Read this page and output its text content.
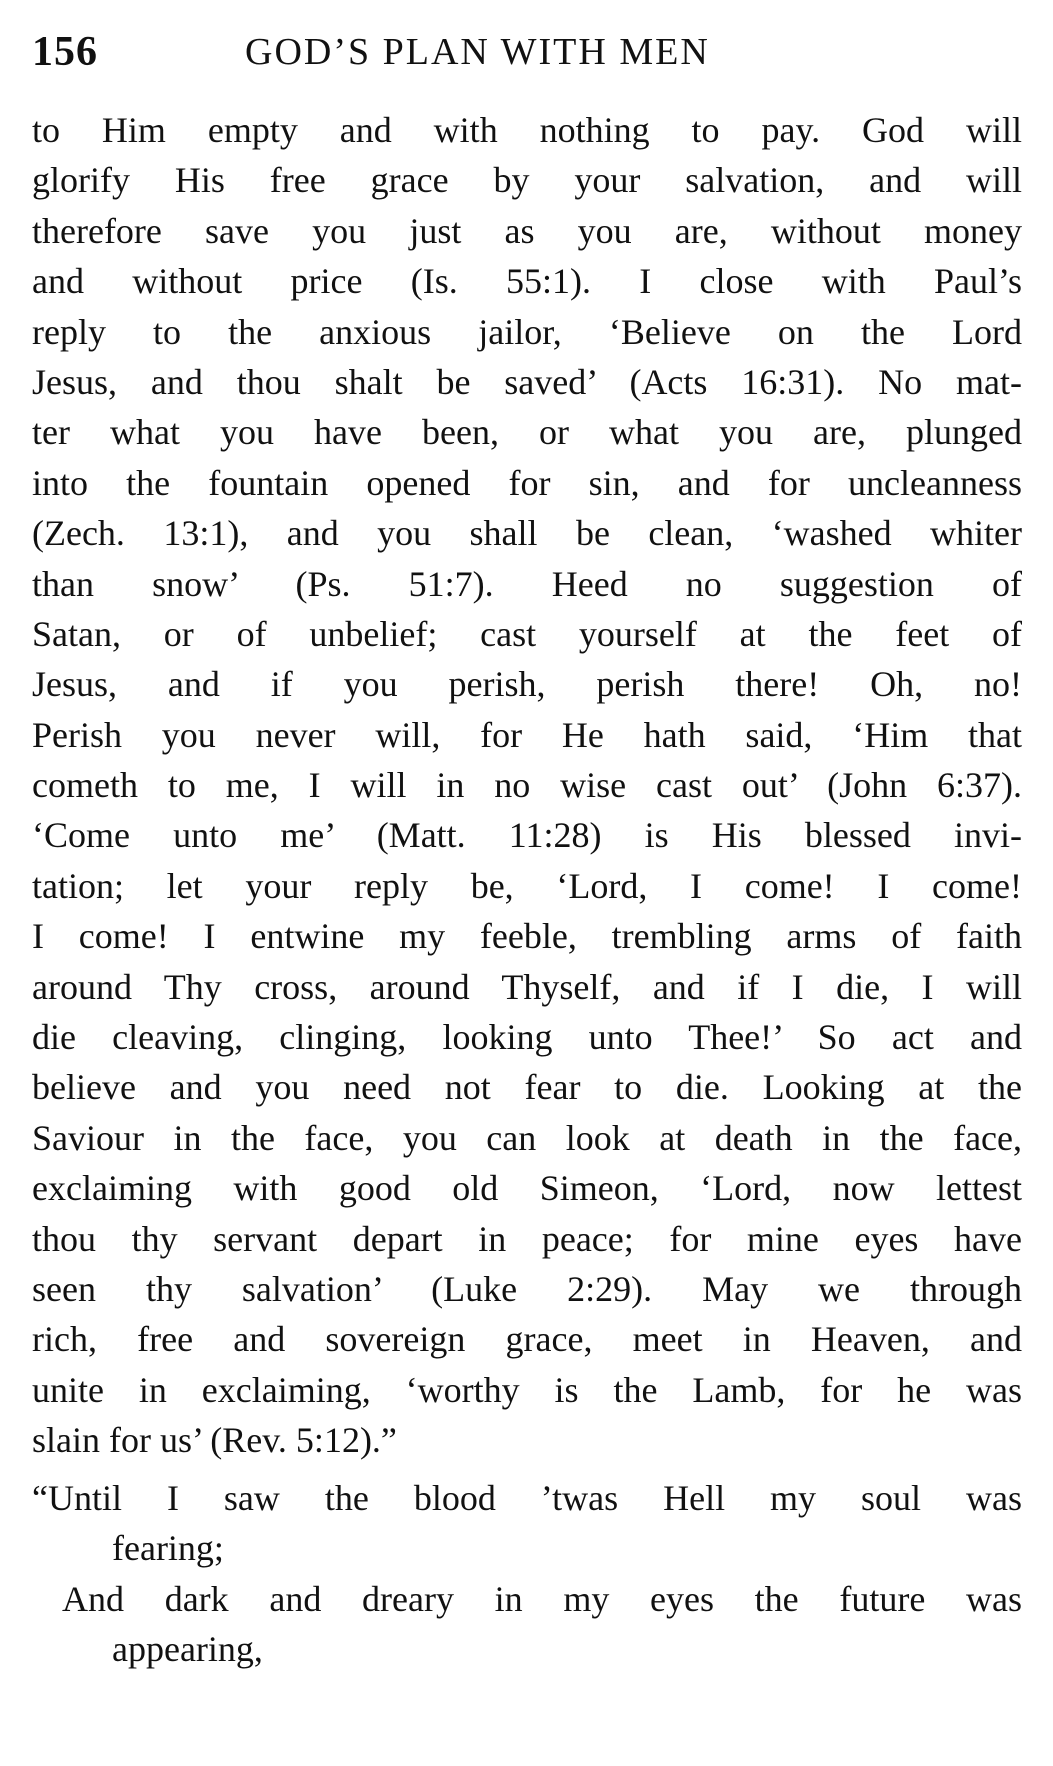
156	GOD’S PLAN WITH MEN
to Him empty and with nothing to pay. God will
glorify His free grace by your salvation, and will
therefore save you just as you are, without money
and without price (Is. 55:1). I close with Paul’s
reply to the anxious jailor, ‘Believe on the Lord
Jesus, and thou shalt be saved’ (Acts 16:31). No mat-
ter what you have been, or what you are, plunged
into the fountain opened for sin, and for uncleanness
(Zech. 13:1), and you shall be clean, ‘washed whiter
than snow’ (Ps. 51:7). Heed no suggestion of
Satan, or of unbelief; cast yourself at the feet of
Jesus, and if you perish, perish there! Oh, no!
Perish you never will, for He hath said, ‘Him that
cometh to me, I will in no wise cast out’ (John 6:37).
‘Come unto me’ (Matt. 11:28) is His blessed invi-
tation; let your reply be, ‘Lord, I come! I come!
I come! I entwine my feeble, trembling arms of faith
around Thy cross, around Thyself, and if I die, I will
die cleaving, clinging, looking unto Thee!’ So act and
believe and you need not fear to die. Looking at the
Saviour in the face, you can look at death in the face,
exclaiming with good old Simeon, ‘Lord, now lettest
thou thy servant depart in peace; for mine eyes have
seen thy salvation’ (Luke 2:29). May we through
rich, free and sovereign grace, meet in Heaven, and
unite in exclaiming, ‘worthy is the Lamb, for he was
slain for us’ (Rev. 5:12).”
“Until I saw the blood ’twas Hell my soul was
fearing;
And dark and dreary in my eyes the future was
appearing,
